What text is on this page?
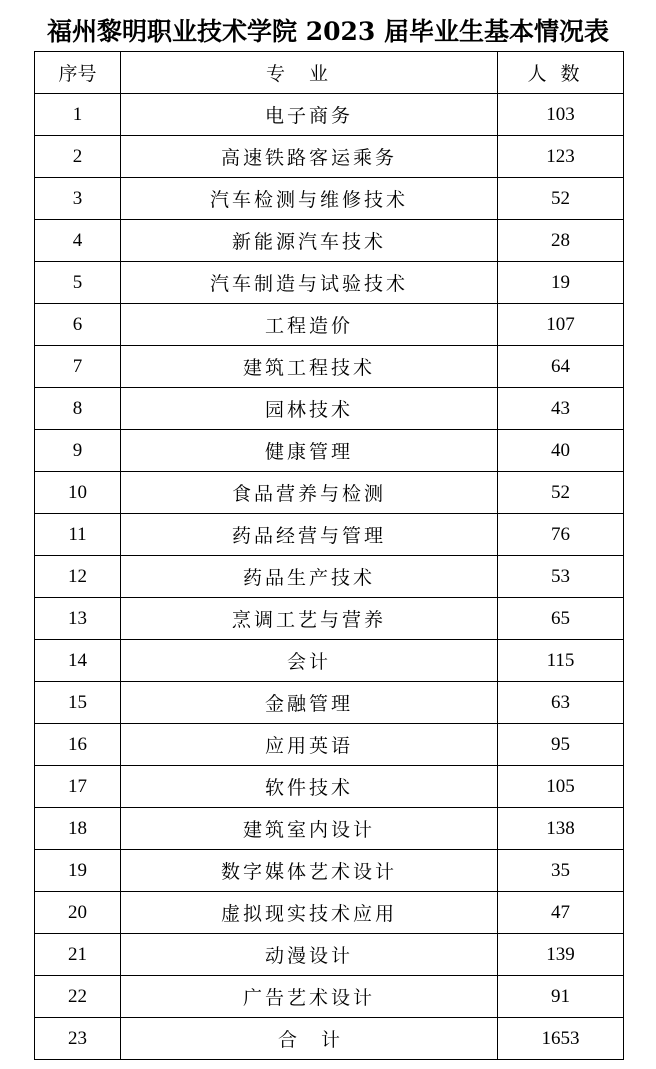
福州黎明职业技术学院 2023 届毕业生基本情况表
序号	专业	人数
1	电子商务	103
2	高速铁路客运乘务	123
3	汽车检测与维修技术	52
4	新能源汽车技术	28
5	汽车制造与试验技术	19
6	工程造价	107
7	建筑工程技术	64
8	园林技术	43
9	健康管理	40
10	食品营养与检测	52
11	药品经营与管理	76
12	药品生产技术	53
13	烹调工艺与营养	65
14	会计	115
15	金融管理	63
16	应用英语	95
17	软件技术	105
18	建筑室内设计	138
19	数字媒体艺术设计	35
20	虚拟现实技术应用	47
21	动漫设计	139
22	广告艺术设计	91
23	合计	1653
